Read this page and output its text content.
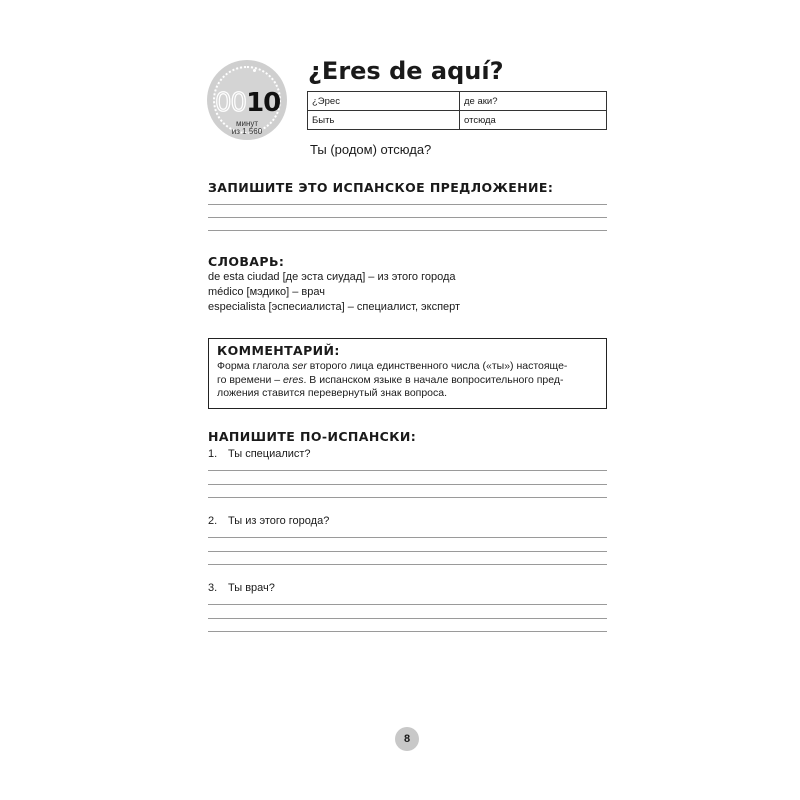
0010
минут
из 1 560
¿Eres de aquí?
¿Эрес	де аки?
Быть	отсюда
Ты (родом) отсюда?
ЗАПИШИТЕ ЭТО ИСПАНСКОЕ ПРЕДЛОЖЕНИЕ:
СЛОВАРЬ:
de esta ciudad [де эста сиудад] – из этого города
médico [мэдико] – врач
especialista [эспесиалиста] – специалист, эксперт
КОММЕНТАРИЙ:
Форма глагола ser второго лица единственного числа («ты») настояще-
го времени – eres. В испанском языке в начале вопросительного пред-
ложения ставится перевернутый знак вопроса.
НАПИШИТЕ ПО-ИСПАНСКИ:
1. Ты специалист?
2. Ты из этого города?
3. Ты врач?
8
